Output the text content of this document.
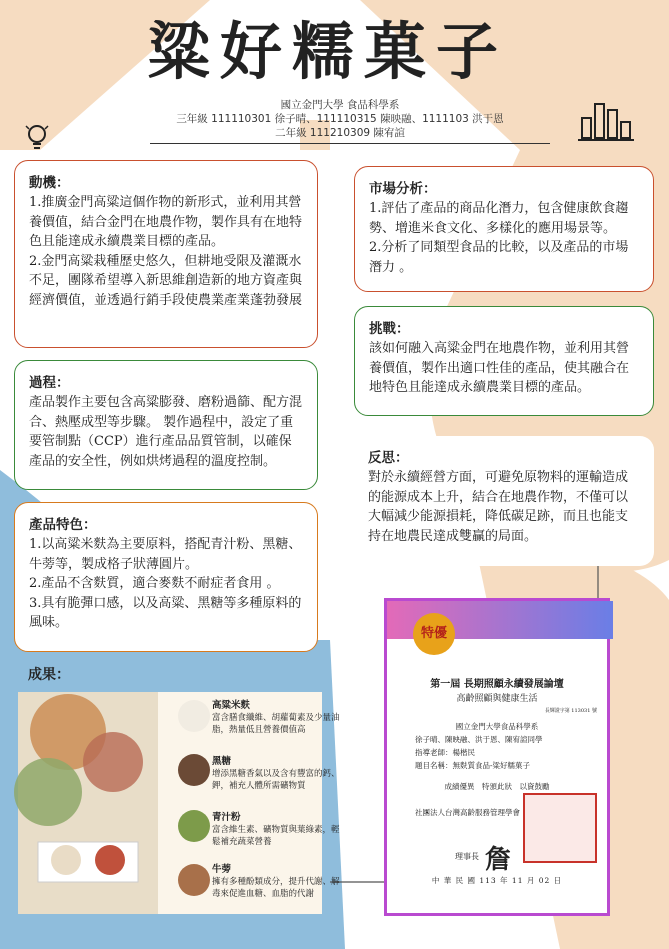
粱好糯菓子
國立金門大學 食品科學系
三年級 111110301 徐子晴、111110315 陳映融、1111103 洪于恩
二年級 111210309 陳宥諠
動機：
1.推廣金門高粱這個作物的新形式，並利用其營養價值，結合金門在地農作物，製作具有在地特色且能達成永續農業目標的產品。
2.金門高粱栽種歷史悠久，但耕地受限及灌溉水不足，團隊希望導入新思維創造新的地方資產與經濟價值，並透過行銷手段使農業產業蓬勃發展
市場分析：
1.評估了產品的商品化潛力，包含健康飲食趨勢、增進米食文化、多樣化的應用場景等。
2.分析了同類型食品的比較，以及產品的市場潛力 。
挑戰：
該如何融入高粱金門在地農作物，並利用其營養價值，製作出適口性佳的產品，使其融合在地特色且能達成永續農業目標的產品。
過程：
產品製作主要包含高粱膨發、磨粉過篩、配方混合、熱壓成型等步驟。 製作過程中，設定了重要管制點（CCP）進行產品品質管制，以確保產品的安全性，例如烘烤過程的溫度控制。	反思：
對於永續經營方面，可避免原物料的運輸造成的能源成本上升，結合在地農作物，不僅可以大幅減少能源損耗，降低碳足跡，而且也能支持在地農民達成雙贏的局面。
產品特色：
1.以高粱米麩為主要原料，搭配青汁粉、黑糖、牛蒡等，製成格子狀薄圓片。
2.產品不含麩質，適合麥麩不耐症者食用 。
3.具有脆彈口感，以及高粱、黑糖等多種原料的風味。
成果：
高粱米麩
富含膳食纖維、胡蘿蔔素及少量油脂，熱量低且營養價值高
黑糖
增添黑糖香氣以及含有豐富的鈣、鉀，補充人體所需礦物質
青汁粉
富含維生素、礦物質與葉綠素，輕鬆補充蔬菜營養
牛蒡
擁有多種酚類成分，提升代謝、解毒來促進血糖、血脂的代謝
特優
第一屆 長期照顧永續發展論壇
高齡照顧與健康生活
長輝證字第 113031 號
國立金門大學食品科學系
徐子晴、陳映融、洪于恩、陳宥諠同學
指導老師：楊楷民
題目名稱：無麩質食品-粱好糯菓子
成績優異　特頒此狀　以資鼓勵
社團法人台灣高齡服務管理學會
理事長 詹
中 華 民 國 113 年 11 月 02 日
